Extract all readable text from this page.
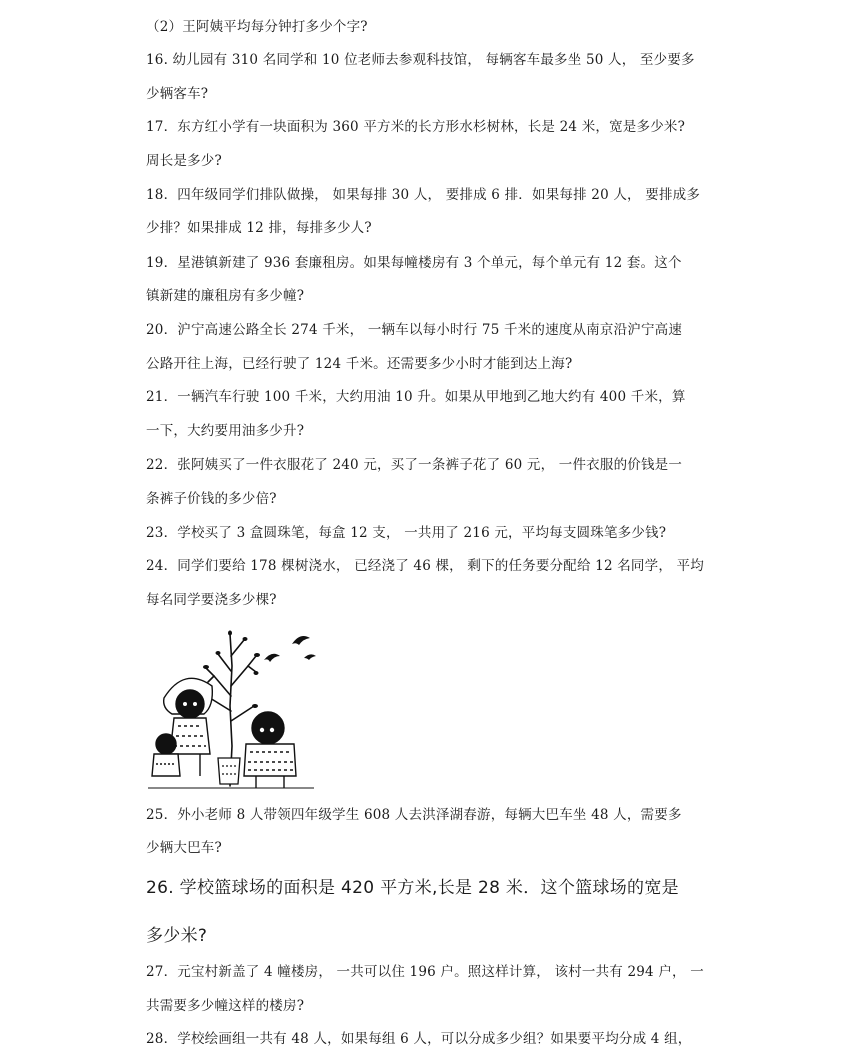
（2）王阿姨平均每分钟打多少个字?
16. 幼儿园有 310 名同学和 10 位老师去参观科技馆， 每辆客车最多坐 50 人， 至少要多
少辆客车?
17．东方红小学有一块面积为 360 平方米的长方形水杉树林，长是 24 米，宽是多少米?
周长是多少?
18．四年级同学们排队做操， 如果每排 30 人， 要排成 6 排．如果每排 20 人， 要排成多
少排？如果排成 12 排，每排多少人?
19．星港镇新建了 936 套廉租房。如果每幢楼房有 3 个单元，每个单元有 12 套。这个
镇新建的廉租房有多少幢?
20．沪宁高速公路全长 274 千米， 一辆车以每小时行 75 千米的速度从南京沿沪宁高速
公路开往上海，已经行驶了 124 千米。还需要多少小时才能到达上海?
21．一辆汽车行驶 100 千米，大约用油 10 升。如果从甲地到乙地大约有 400 千米，算
一下，大约要用油多少升?
22．张阿姨买了一件衣服花了 240 元，买了一条裤子花了 60 元， 一件衣服的价钱是一
条裤子价钱的多少倍?
23．学校买了 3 盒圆珠笔，每盒 12 支， 一共用了 216 元，平均每支圆珠笔多少钱?
24．同学们要给 178 棵树浇水， 已经浇了 46 棵， 剩下的任务要分配给 12 名同学， 平均
每名同学要浇多少棵?
25．外小老师 8 人带领四年级学生 608 人去洪泽湖春游，每辆大巴车坐 48 人，需要多
少辆大巴车?
26. 学校篮球场的面积是 420 平方米,长是 28 米．这个篮球场的宽是
多少米?
27．元宝村新盖了 4 幢楼房， 一共可以住 196 户。照这样计算， 该村一共有 294 户， 一
共需要多少幢这样的楼房?
28．学校绘画组一共有 48 人，如果每组 6 人，可以分成多少组？如果要平均分成 4 组，
